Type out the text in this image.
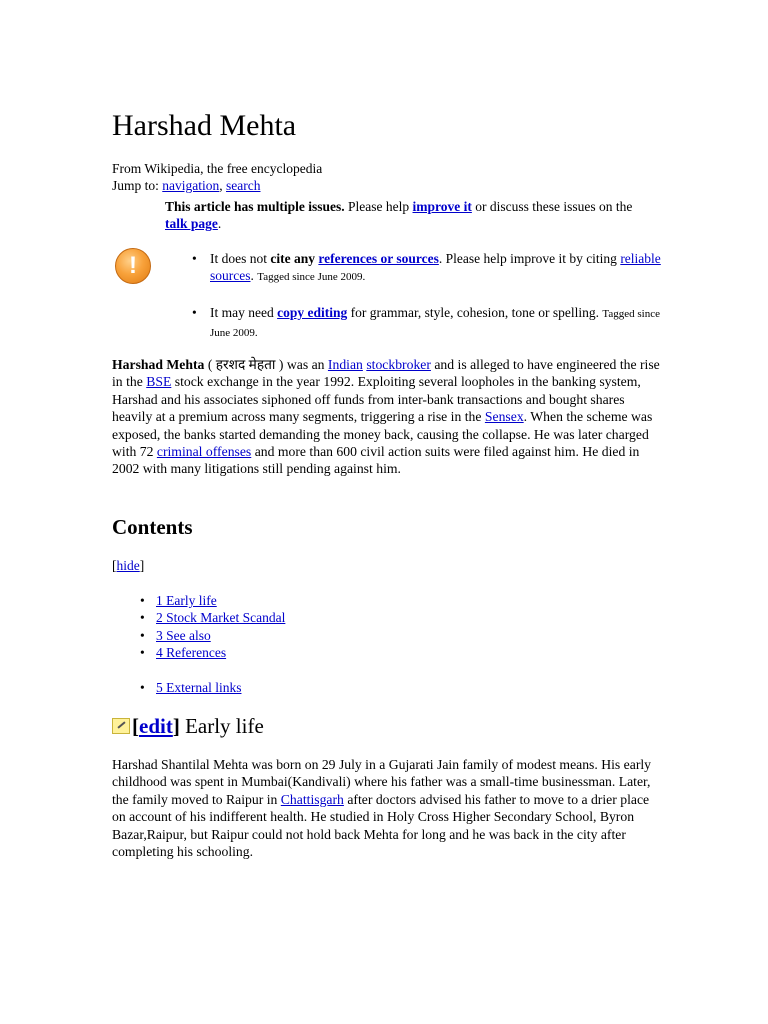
Harshad Mehta
From Wikipedia, the free encyclopedia
Jump to: navigation, search
!
This article has multiple issues. Please help improve it or discuss these issues on the talk page.
• It does not cite any references or sources. Please help improve it by citing reliable sources. Tagged since June 2009.
• It may need copy editing for grammar, style, cohesion, tone or spelling. Tagged since June 2009.
Harshad Mehta ( हरशद मेहता ) was an Indian stockbroker and is alleged to have engineered the rise in the BSE stock exchange in the year 1992. Exploiting several loopholes in the banking system, Harshad and his associates siphoned off funds from inter-bank transactions and bought shares heavily at a premium across many segments, triggering a rise in the Sensex. When the scheme was exposed, the banks started demanding the money back, causing the collapse. He was later charged with 72 criminal offenses and more than 600 civil action suits were filed against him. He died in 2002 with many litigations still pending against him.
Contents
[hide]
• 1 Early life
• 2 Stock Market Scandal
• 3 See also
• 4 References
• 5 External links
[edit] Early life
Harshad Shantilal Mehta was born on 29 July in a Gujarati Jain family of modest means. His early childhood was spent in Mumbai(Kandivali) where his father was a small-time businessman. Later, the family moved to Raipur in Chattisgarh after doctors advised his father to move to a drier place on account of his indifferent health. He studied in Holy Cross Higher Secondary School, Byron Bazar,Raipur, but Raipur could not hold back Mehta for long and he was back in the city after completing his schooling.
